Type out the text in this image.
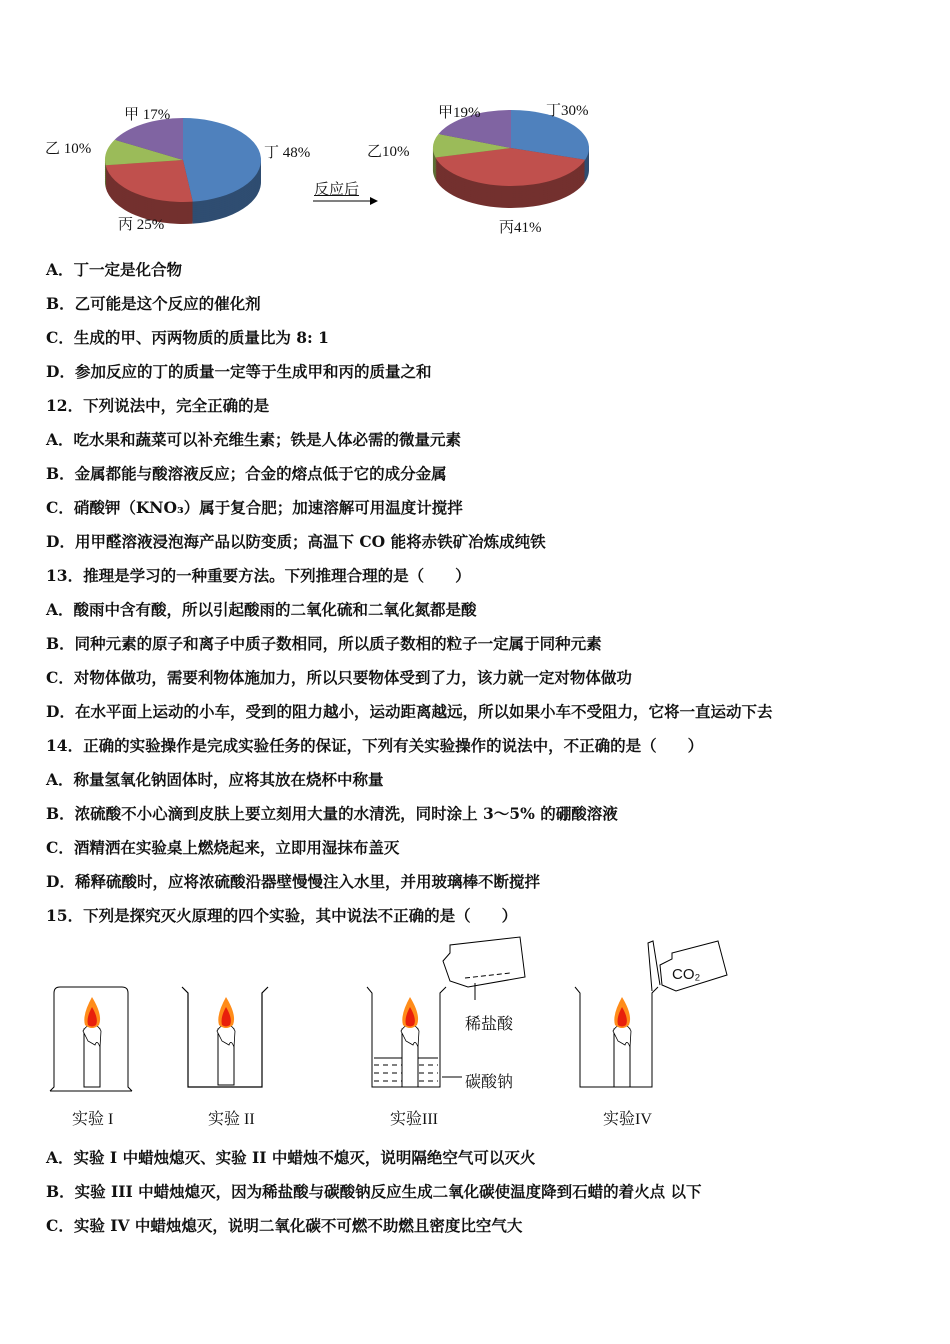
反应后
丁 48%
丙 25%
乙 10%
甲 17%	丁30%
丙41%
乙10%
甲19%
A．丁一定是化合物
B．乙可能是这个反应的催化剂
C．生成的甲、丙两物质的质量比为 8: 1
D．参加反应的丁的质量一定等于生成甲和丙的质量之和
12．下列说法中，完全正确的是
A．吃水果和蔬菜可以补充维生素；铁是人体必需的微量元素
B．金属都能与酸溶液反应；合金的熔点低于它的成分金属
C．硝酸钾（KNO₃）属于复合肥；加速溶解可用温度计搅拌
D．用甲醛溶液浸泡海产品以防变质；高温下 CO 能将赤铁矿冶炼成纯铁
13．推理是学习的一种重要方法。下列推理合理的是（　　）
A．酸雨中含有酸，所以引起酸雨的二氧化硫和二氧化氮都是酸
B．同种元素的原子和离子中质子数相同，所以质子数相的粒子一定属于同种元素
C．对物体做功，需要利物体施加力，所以只要物体受到了力，该力就一定对物体做功
D．在水平面上运动的小车，受到的阻力越小，运动距离越远，所以如果小车不受阻力，它将一直运动下去
14．正确的实验操作是完成实验任务的保证，下列有关实验操作的说法中，不正确的是（　　）
A．称量氢氧化钠固体时，应将其放在烧杯中称量
B．浓硫酸不小心滴到皮肤上要立刻用大量的水清洗，同时涂上 3～5% 的硼酸溶液
C．酒精洒在实验桌上燃烧起来，立即用湿抹布盖灭
D．稀释硫酸时，应将浓硫酸沿器壁慢慢注入水里，并用玻璃棒不断搅拌
15．下列是探究灭火原理的四个实验，其中说法不正确的是（　　）
稀盐酸
碳酸钠
CO₂
实验 I	实验 II	实验III	实验IV
A．实验 I 中蜡烛熄灭、实验 II 中蜡烛不熄灭，说明隔绝空气可以灭火
B．实验 III 中蜡烛熄灭，因为稀盐酸与碳酸钠反应生成二氧化碳使温度降到石蜡的着火点 以下
C．实验 IV 中蜡烛熄灭，说明二氧化碳不可燃不助燃且密度比空气大
